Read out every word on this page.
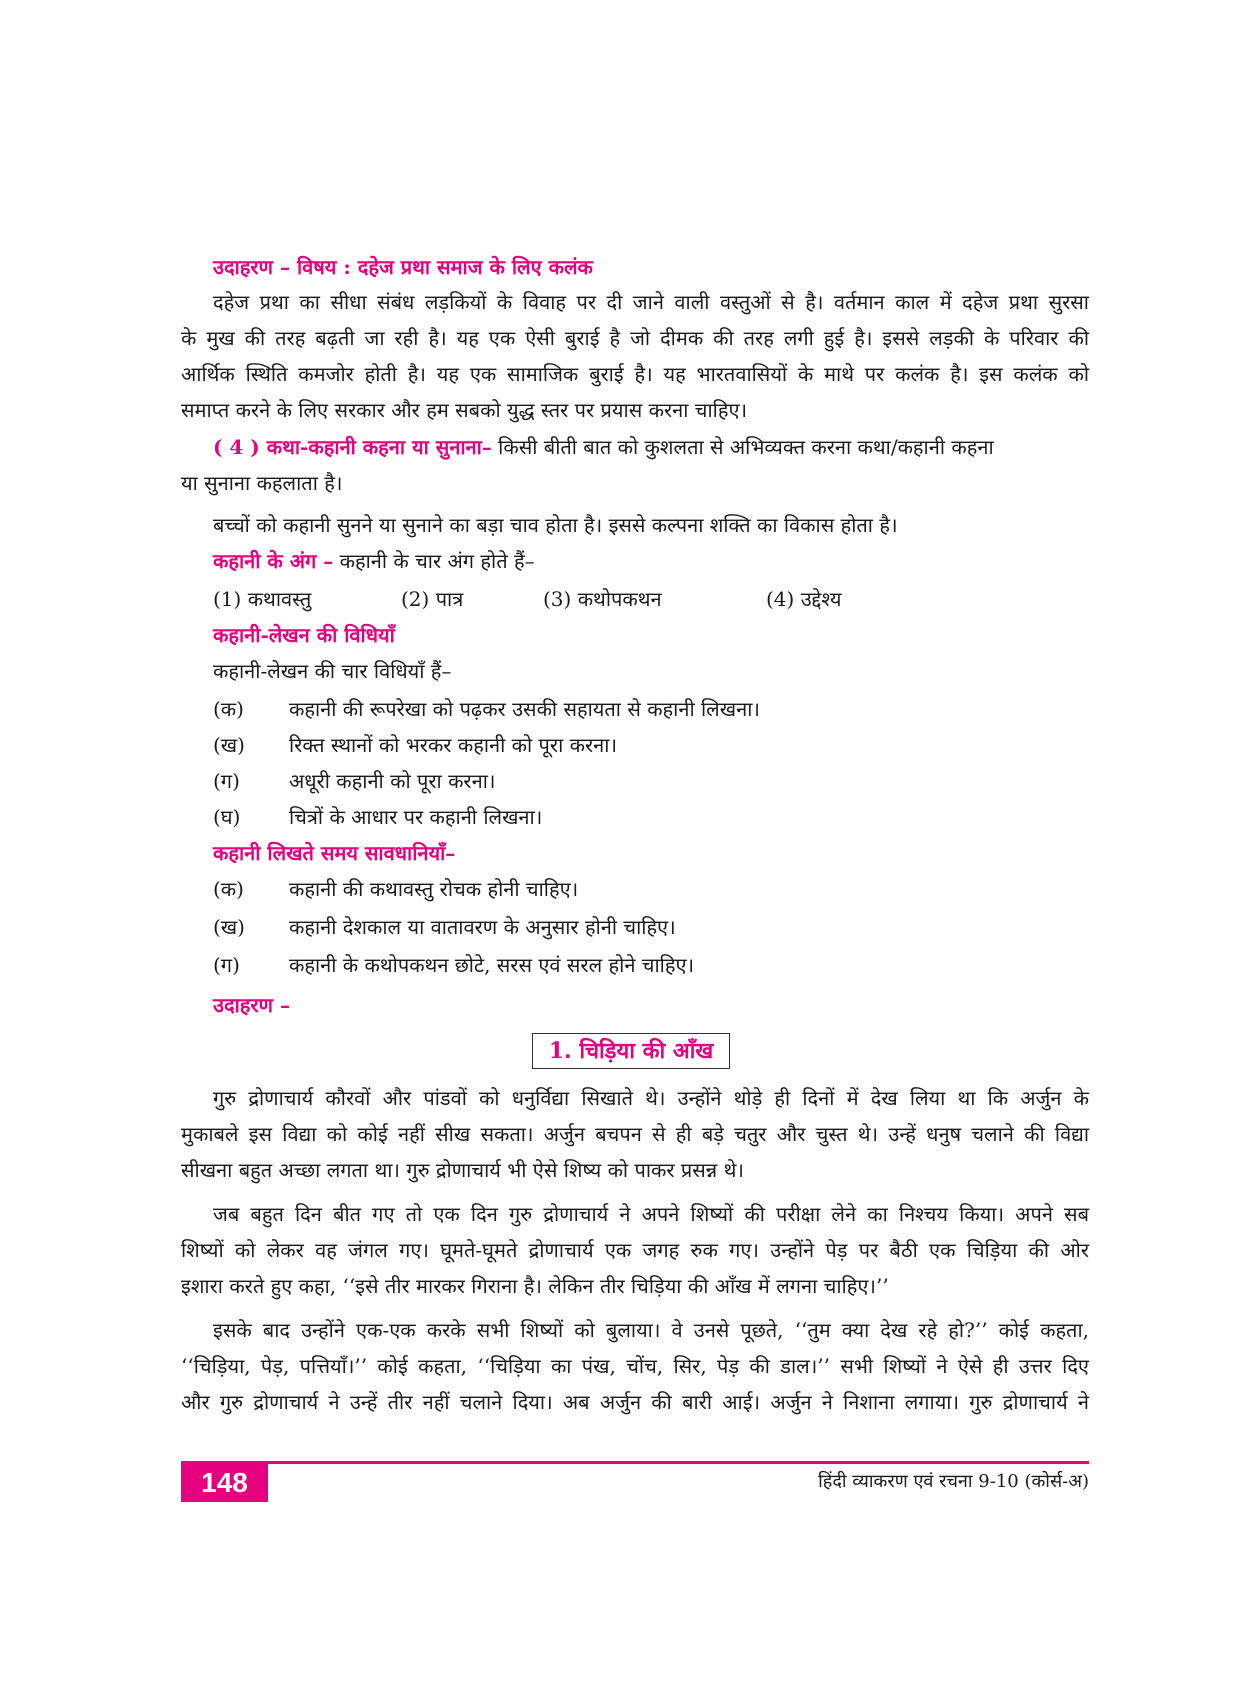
उदाहरण – विषय : दहेज प्रथा समाज के लिए कलंक
दहेज प्रथा का सीधा संबंध लड़कियों के विवाह पर दी जाने वाली वस्तुओं से है। वर्तमान काल में दहेज प्रथा सुरसा
के मुख की तरह बढ़ती जा रही है। यह एक ऐसी बुराई है जो दीमक की तरह लगी हुई है। इससे लड़की के परिवार की
आर्थिक स्थिति कमजोर होती है। यह एक सामाजिक बुराई है। यह भारतवासियों के माथे पर कलंक है। इस कलंक को
समाप्त करने के लिए सरकार और हम सबको युद्ध स्तर पर प्रयास करना चाहिए।
( 4 ) कथा-कहानी कहना या सुनाना– किसी बीती बात को कुशलता से अभिव्यक्त करना कथा/कहानी कहना
या सुनाना कहलाता है।
बच्चों को कहानी सुनने या सुनाने का बड़ा चाव होता है। इससे कल्पना शक्ति का विकास होता है।
कहानी के अंग – कहानी के चार अंग होते हैं–
(1) कथावस्तु	(2) पात्र	(3) कथोपकथन	(4) उद्देश्य
कहानी-लेखन की विधियाँ
कहानी-लेखन की चार विधियाँ हैं–
(क) कहानी की रूपरेखा को पढ़कर उसकी सहायता से कहानी लिखना।
(ख) रिक्त स्थानों को भरकर कहानी को पूरा करना।
(ग) अधूरी कहानी को पूरा करना।
(घ) चित्रों के आधार पर कहानी लिखना।
कहानी लिखते समय सावधानियाँ–
(क) कहानी की कथावस्तु रोचक होनी चाहिए।
(ख) कहानी देशकाल या वातावरण के अनुसार होनी चाहिए।
(ग) कहानी के कथोपकथन छोटे, सरस एवं सरल होने चाहिए।
उदाहरण –
1. चिड़िया की आँख
गुरु द्रोणाचार्य कौरवों और पांडवों को धनुर्विद्या सिखाते थे। उन्होंने थोड़े ही दिनों में देख लिया था कि अर्जुन के
मुकाबले इस विद्या को कोई नहीं सीख सकता। अर्जुन बचपन से ही बड़े चतुर और चुस्त थे। उन्हें धनुष चलाने की विद्या
सीखना बहुत अच्छा लगता था। गुरु द्रोणाचार्य भी ऐसे शिष्य को पाकर प्रसन्न थे।
जब बहुत दिन बीत गए तो एक दिन गुरु द्रोणाचार्य ने अपने शिष्यों की परीक्षा लेने का निश्चय किया। अपने सब
शिष्यों को लेकर वह जंगल गए। घूमते-घूमते द्रोणाचार्य एक जगह रुक गए। उन्होंने पेड़ पर बैठी एक चिड़िया की ओर
इशारा करते हुए कहा, ‘‘इसे तीर मारकर गिराना है। लेकिन तीर चिड़िया की आँख में लगना चाहिए।’’
इसके बाद उन्होंने एक-एक करके सभी शिष्यों को बुलाया। वे उनसे पूछते, ‘‘तुम क्या देख रहे हो?’’ कोई कहता,
‘‘चिड़िया, पेड़, पत्तियाँ।’’ कोई कहता, ‘‘चिड़िया का पंख, चोंच, सिर, पेड़ की डाल।’’ सभी शिष्यों ने ऐसे ही उत्तर दिए
और गुरु द्रोणाचार्य ने उन्हें तीर नहीं चलाने दिया। अब अर्जुन की बारी आई। अर्जुन ने निशाना लगाया। गुरु द्रोणाचार्य ने
148	हिंदी व्याकरण एवं रचना 9-10 (कोर्स-अ)
